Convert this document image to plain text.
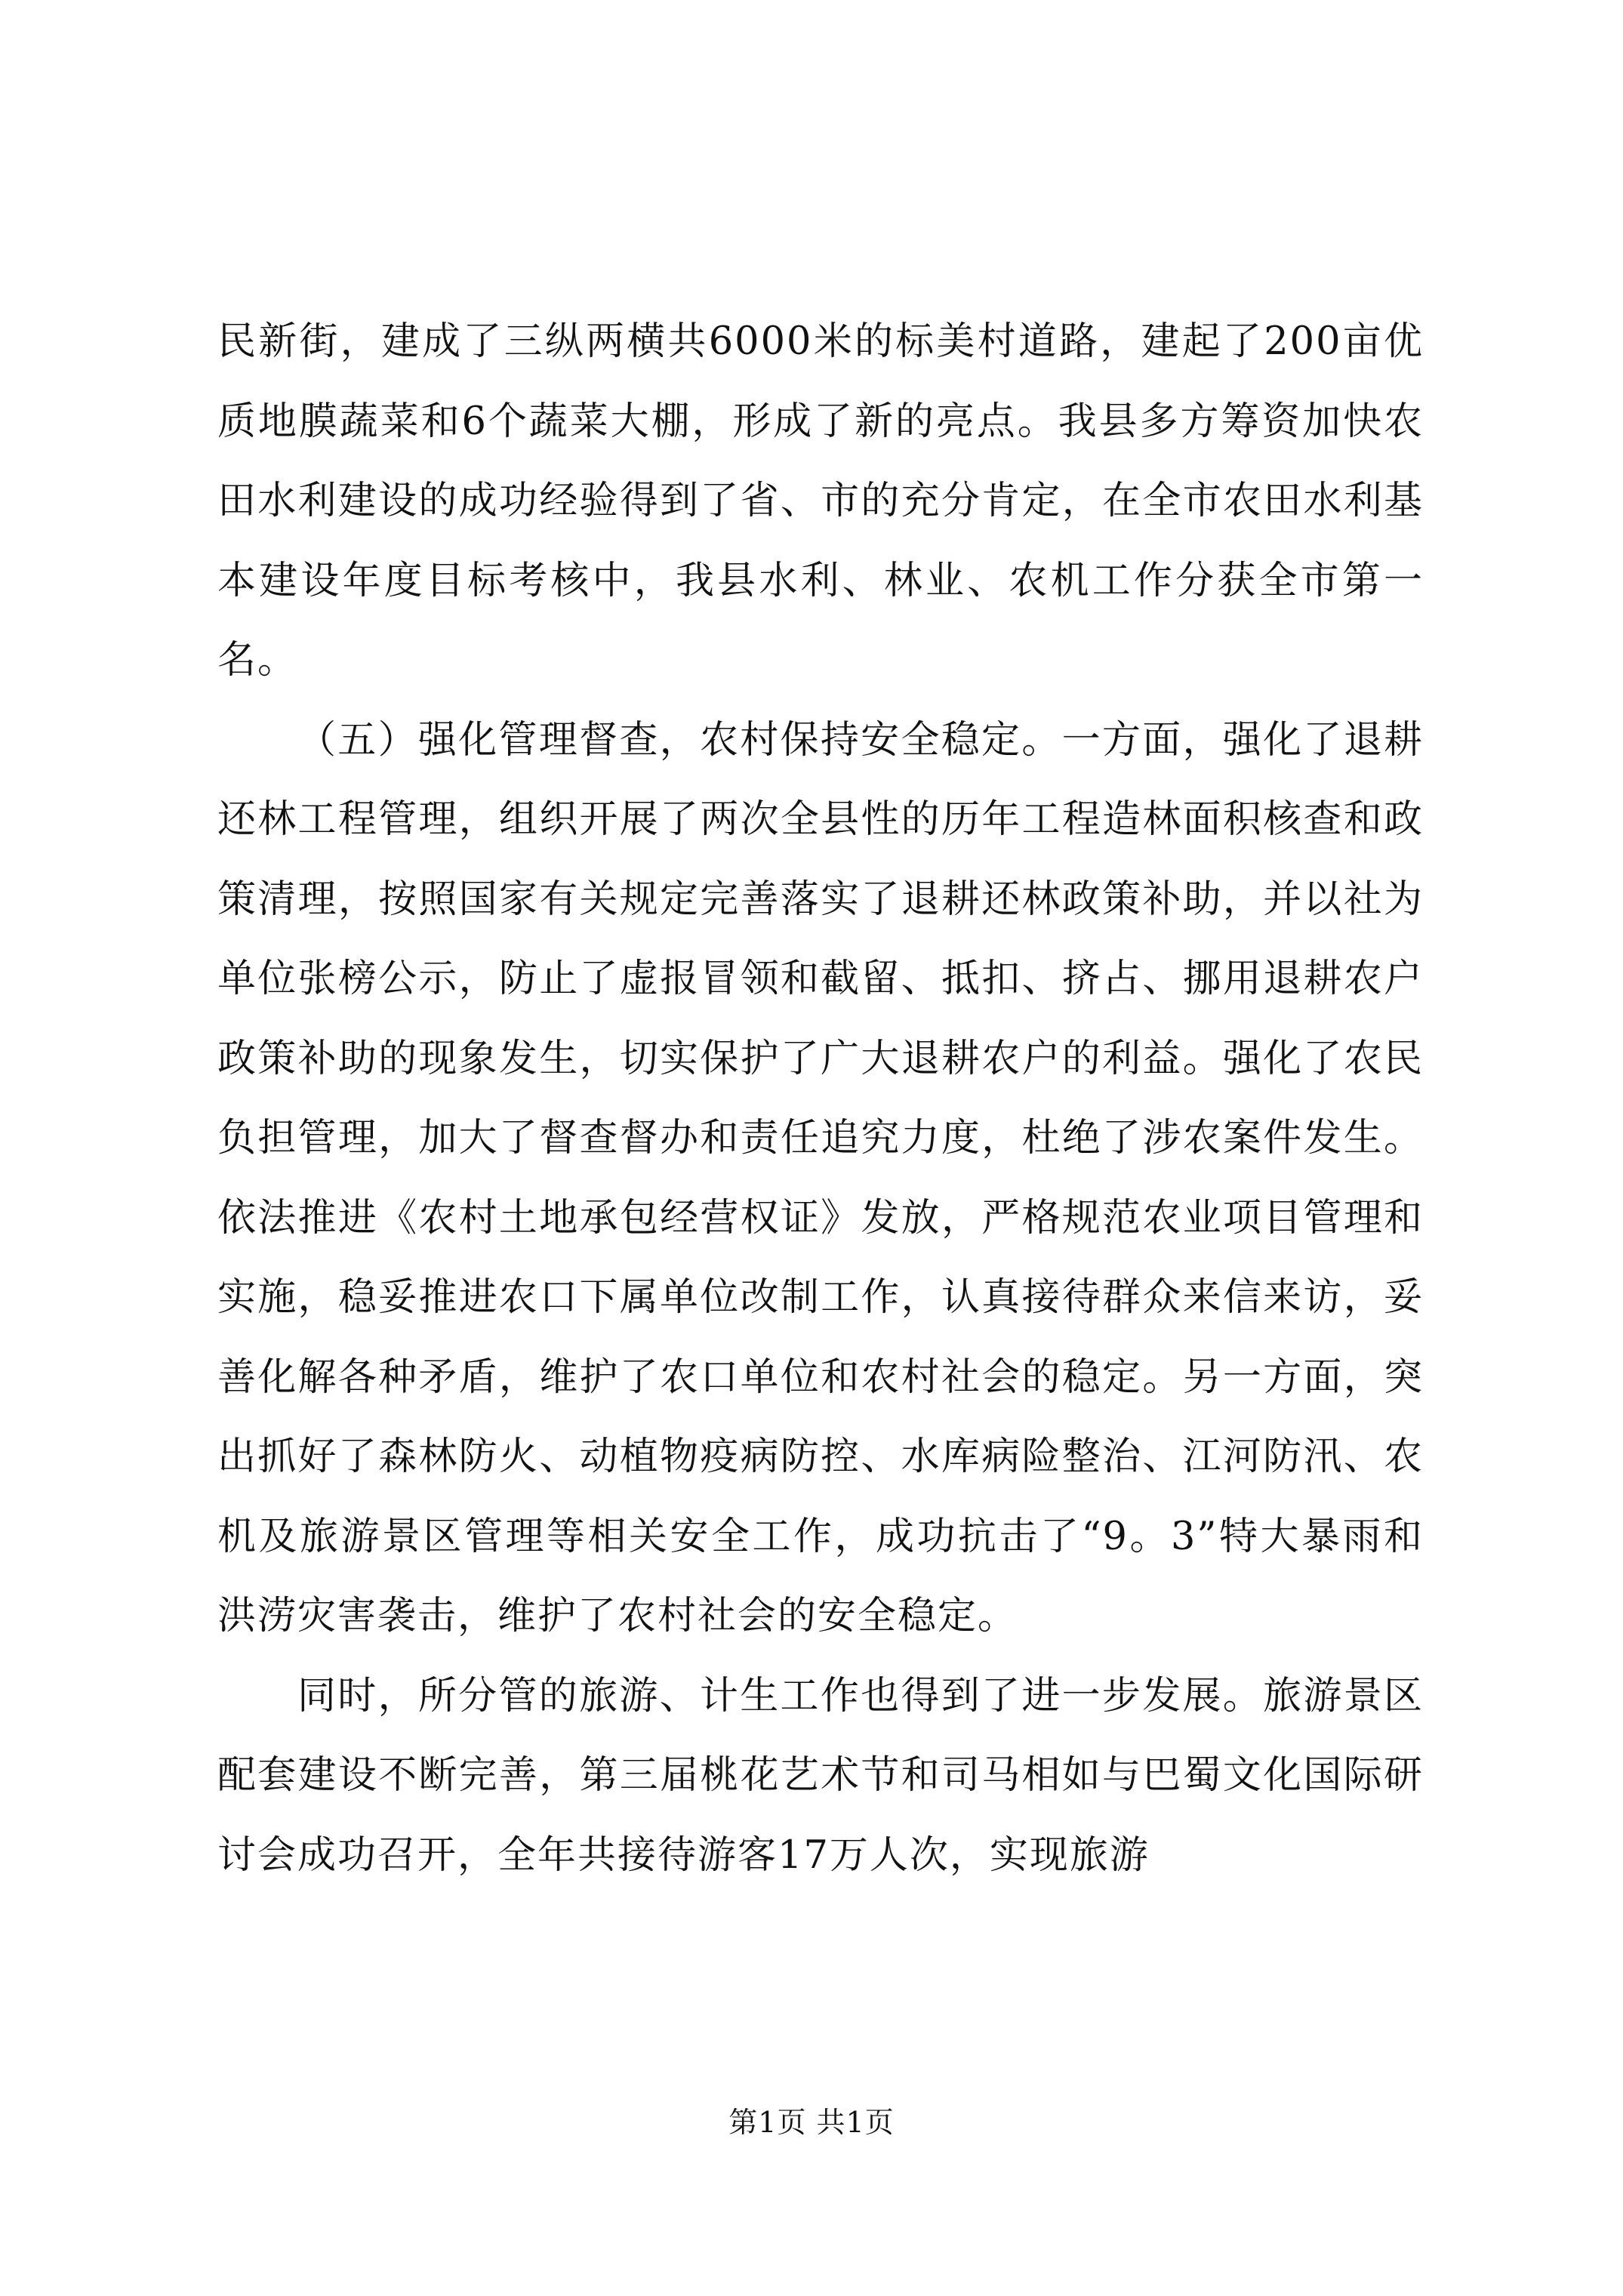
民新街，建成了三纵两横共6000米的标美村道路，建起了200亩优质地膜蔬菜和6个蔬菜大棚，形成了新的亮点。我县多方筹资加快农田水利建设的成功经验得到了省、市的充分肯定，在全市农田水利基本建设年度目标考核中，我县水利、林业、农机工作分获全市第一名。

（五）强化管理督查，农村保持安全稳定。一方面，强化了退耕还林工程管理，组织开展了两次全县性的历年工程造林面积核查和政策清理，按照国家有关规定完善落实了退耕还林政策补助，并以社为单位张榜公示，防止了虚报冒领和截留、抵扣、挤占、挪用退耕农户政策补助的现象发生，切实保护了广大退耕农户的利益。强化了农民负担管理，加大了督查督办和责任追究力度，杜绝了涉农案件发生。依法推进《农村土地承包经营权证》发放，严格规范农业项目管理和实施，稳妥推进农口下属单位改制工作，认真接待群众来信来访，妥善化解各种矛盾，维护了农口单位和农村社会的稳定。另一方面，突出抓好了森林防火、动植物疫病防控、水库病险整治、江河防汛、农机及旅游景区管理等相关安全工作，成功抗击了“9。3”特大暴雨和洪涝灾害袭击，维护了农村社会的安全稳定。

同时，所分管的旅游、计生工作也得到了进一步发展。旅游景区配套建设不断完善，第三届桃花艺术节和司马相如与巴蜀文化国际研讨会成功召开，全年共接待游客17万人次，实现旅游

第1页 共1页
